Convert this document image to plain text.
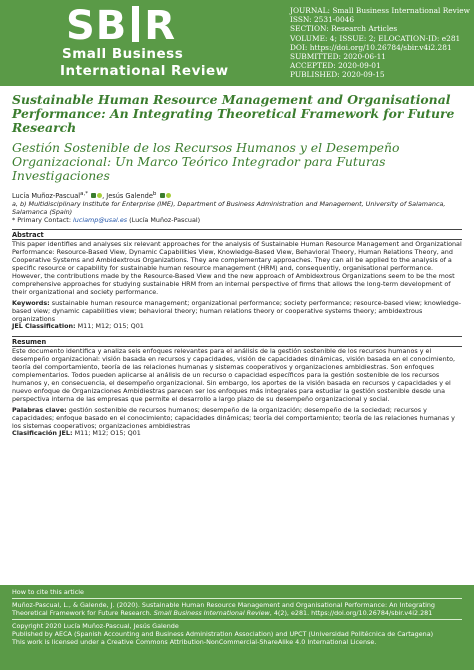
SB R
Small Business
International Review
JOURNAL: Small Business International Review
ISSN: 2531-0046
SECTION: Research Articles
VOLUME: 4; ISSUE: 2; ELOCATION-ID: e281
DOI: https://doi.org/10.26784/sbir.v4i2.281
SUBMITTED: 2020-06-11
ACCEPTED: 2020-09-01
PUBLISHED: 2020-09-15
Sustainable Human Resource Management and Organisational Performance: An Integrating Theoretical Framework for Future Research
Gestión Sostenible de los Recursos Humanos y el Desempeño Organizacional: Un Marco Teórico Integrador para Futuras Investigaciones
Lucía Muñoz-Pascual$^{a,*}$ , Jesús Galende$^b$
a, b) Multidisciplinary Institute for Enterprise (IME), Department of Business Administration and Management, University of Salamanca, Salamanca (Spain)
* Primary Contact: luciamp@usal.es (Lucía Muñoz-Pascual)
Abstract
This paper identifies and analyses six relevant approaches for the analysis of Sustainable Human Resource Management and Organizational Performance: Resource-Based View, Dynamic Capabilities View, Knowledge-Based View, Behavioral Theory, Human Relations Theory, and Cooperative Systems and Ambidextrous Organizations. They are complementary approaches. They can all be applied to the analysis of a specific resource or capability for sustainable human resource management (HRM) and, consequently, organisational performance. However, the contributions made by the Resource-Based View and the new approach of Ambidextrous Organizations seem to be the most comprehensive approaches for studying sustainable HRM from an internal perspective of firms that allows the long-term development of their organizational and society performance.
Keywords: sustainable human resource management; organizational performance; society performance; resource-based view; knowledge-based view; dynamic capabilities view; behavioral theory; human relations theory or cooperative systems theory; ambidextrous organizations
JEL Classification: M11; M12; O15; Q01
Resumen
Este documento identifica y analiza seis enfoques relevantes para el análisis de la gestión sostenible de los recursos humanos y el desempeño organizacional: visión basada en recursos y capacidades, visión de capacidades dinámicas, visión basada en el conocimiento, teoría del comportamiento, teoría de las relaciones humanas y sistemas cooperativos y organizaciones ambidiestras. Son enfoques complementarios. Todos pueden aplicarse al análisis de un recurso o capacidad específicos para la gestión sostenible de los recursos humanos y, en consecuencia, el desempeño organizacional. Sin embargo, los aportes de la visión basada en recursos y capacidades y el nuevo enfoque de Organizaciones Ambidiestras parecen ser los enfoques más integrales para estudiar la gestión sostenible desde una perspectiva interna de las empresas que permite el desarrollo a largo plazo de su desempeño organizacional y social.
Palabras clave: gestión sostenible de recursos humanos; desempeño de la organización; desempeño de la sociedad; recursos y capacidades; enfoque basado en el conocimiento; capacidades dinámicas; teoría del comportamiento; teoría de las relaciones humanas y los sistemas cooperativos; organizaciones ambidiestras
Clasificación JEL: M11; M12; O15; Q01
How to cite this article
Muñoz-Pascual, L., & Galende, J. (2020). Sustainable Human Resource Management and Organisational Performance: An Integrating Theoretical Framework for Future Research. Small Business International Review, 4(2), e281. https://doi.org/10.26784/sbir.v4i2.281
Copyright 2020 Lucía Muñoz-Pascual, Jesús Galende
Published by AECA (Spanish Accounting and Business Administration Association) and UPCT (Universidad Politécnica de Cartagena)
This work is licensed under a Creative Commons Attribution-NonCommercial-ShareAlike 4.0 International License.
